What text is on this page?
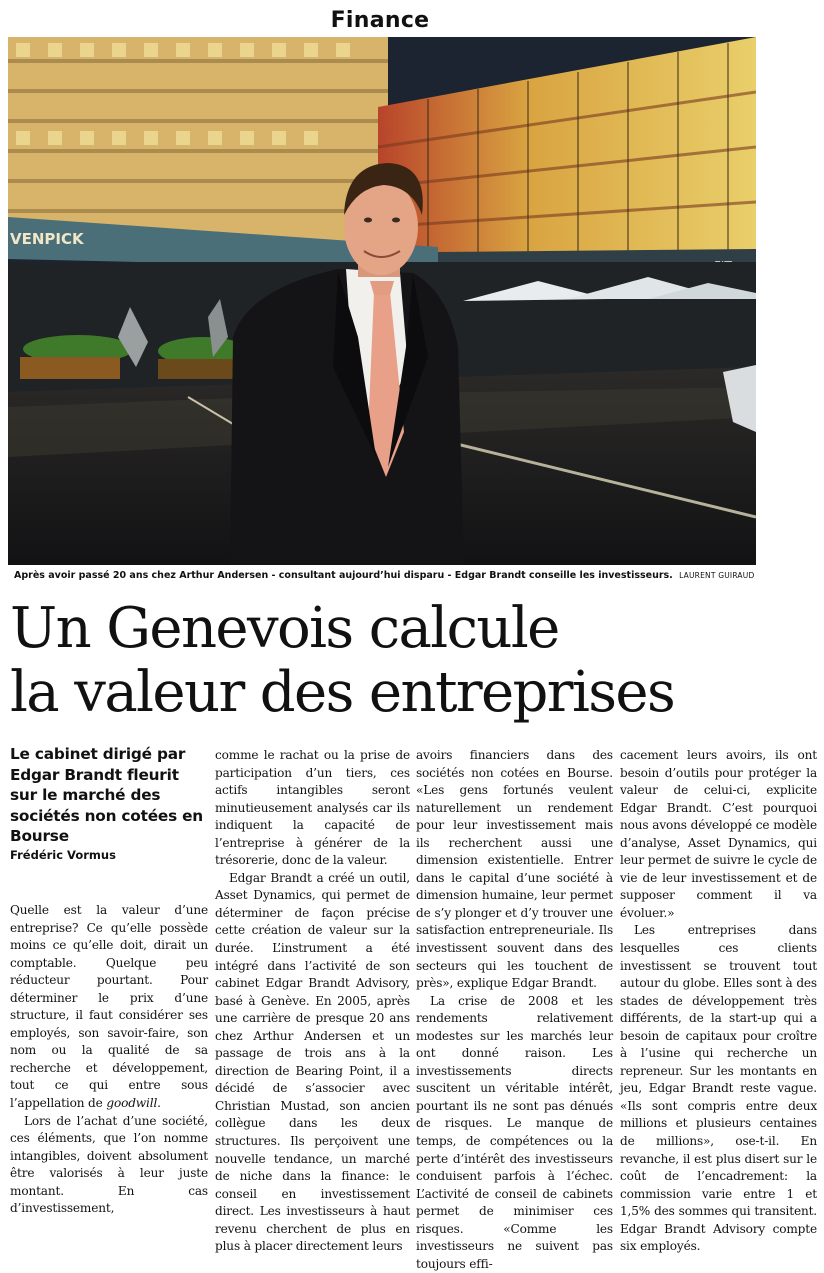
Finance
VENPICK
Après avoir passé 20 ans chez Arthur Andersen - consultant aujourd’hui disparu - Edgar Brandt conseille les investisseurs. LAURENT GUIRAUD
Un Genevois calcule
la valeur des entreprises
Le cabinet dirigé par Edgar Brandt fleurit sur le marché des sociétés non cotées en Bourse
Frédéric Vormus

Quelle est la valeur d’une entreprise? Ce qu’elle possède moins ce qu’elle doit, dirait un comptable. Quelque peu réducteur pourtant. Pour déterminer le prix d’une structure, il faut considérer ses employés, son savoir-faire, son nom ou la qualité de sa recherche et développement, tout ce qui entre sous l’appellation de goodwill.

Lors de l’achat d’une société, ces éléments, que l’on nomme intangibles, doivent absolument être valorisés à leur juste montant. En cas d’investissement,

comme le rachat ou la prise de participation d’un tiers, ces actifs intangibles seront minutieusement analysés car ils indiquent la capacité de l’entreprise à générer de la trésorerie, donc de la valeur.

Edgar Brandt a créé un outil, Asset Dynamics, qui permet de déterminer de façon précise cette création de valeur sur la durée. L’instrument a été intégré dans l’activité de son cabinet Edgar Brandt Advisory, basé à Genève. En 2005, après une carrière de presque 20 ans chez Arthur Andersen et un passage de trois ans à la direction de Bearing Point, il a décidé de s’associer avec Christian Mustad, son ancien collègue dans les deux structures. Ils perçoivent une nouvelle tendance, un marché de niche dans la finance: le conseil en investissement direct. Les investisseurs à haut revenu cherchent de plus en plus à placer directement leurs

avoirs financiers dans des sociétés non cotées en Bourse. «Les gens fortunés veulent naturellement un rendement pour leur investissement mais ils recherchent aussi une dimension existentielle. Entrer dans le capital d’une société à dimension humaine, leur permet de s’y plonger et d’y trouver une satisfaction entrepreneuriale. Ils investissent souvent dans des secteurs qui les touchent de près», explique Edgar Brandt.

La crise de 2008 et les rendements relativement modestes sur les marchés leur ont donné raison. Les investissements directs suscitent un véritable intérêt, pourtant ils ne sont pas dénués de risques. Le manque de temps, de compétences ou la perte d’intérêt des investisseurs conduisent parfois à l’échec. L’activité de conseil de cabinets permet de minimiser ces risques. «Comme les investisseurs ne suivent pas toujours effi-

cacement leurs avoirs, ils ont besoin d’outils pour protéger la valeur de celui-ci, explicite Edgar Brandt. C’est pourquoi nous avons développé ce modèle d’analyse, Asset Dynamics, qui leur permet de suivre le cycle de vie de leur investissement et de supposer comment il va évoluer.»

Les entreprises dans lesquelles ces clients investissent se trouvent tout autour du globe. Elles sont à des stades de développement très différents, de la start-up qui a besoin de capitaux pour croître à l’usine qui recherche un repreneur. Sur les montants en jeu, Edgar Brandt reste vague. «Ils sont compris entre deux millions et plusieurs centaines de millions», ose-t-il. En revanche, il est plus disert sur le coût de l’encadrement: la commission varie entre 1 et 1,5% des sommes qui transitent. Edgar Brandt Advisory compte six employés.
